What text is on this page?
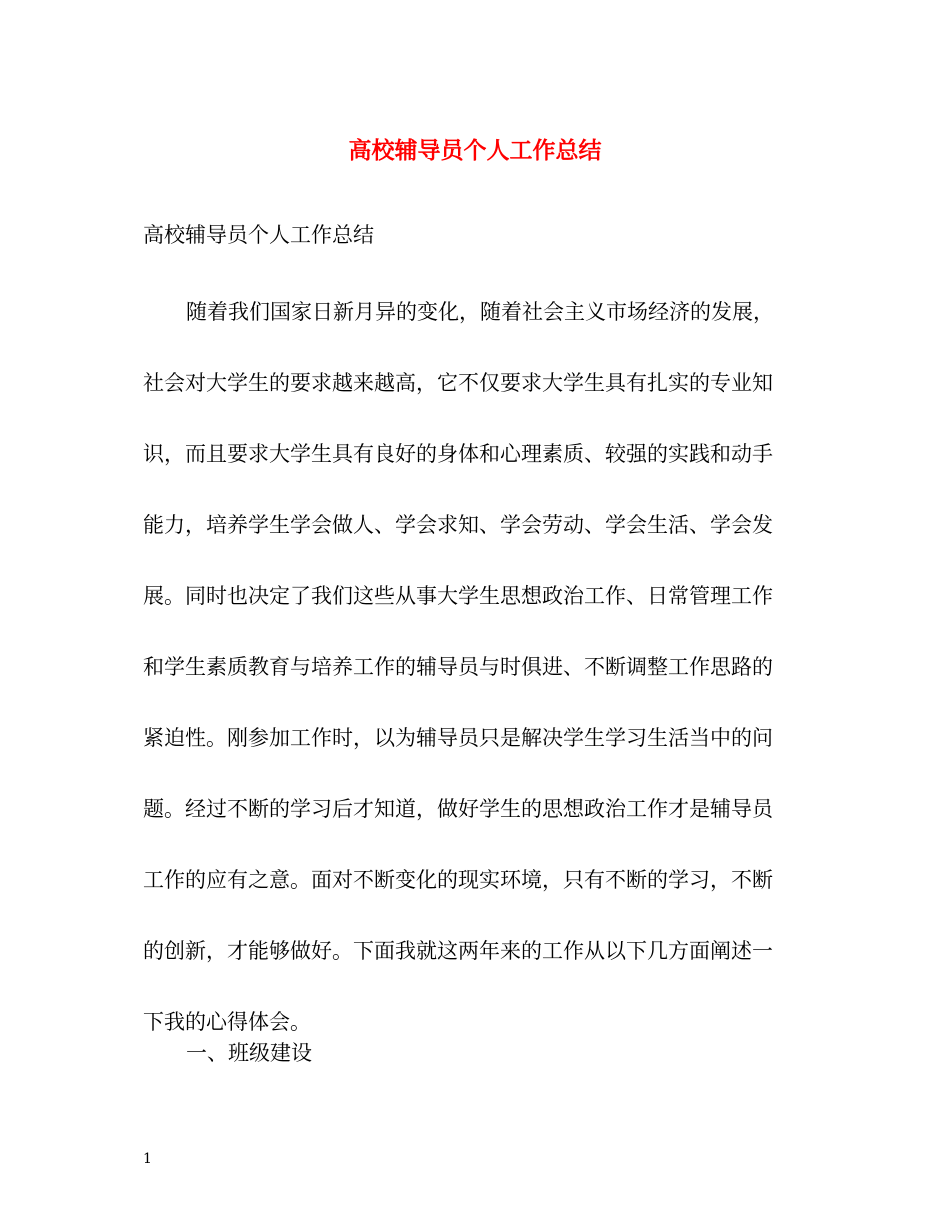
高校辅导员个人工作总结

高校辅导员个人工作总结

随着我们国家日新月异的变化，随着社会主义市场经济的发展，
社会对大学生的要求越来越高，它不仅要求大学生具有扎实的专业知
识，而且要求大学生具有良好的身体和心理素质、较强的实践和动手
能力，培养学生学会做人、学会求知、学会劳动、学会生活、学会发
展。同时也决定了我们这些从事大学生思想政治工作、日常管理工作
和学生素质教育与培养工作的辅导员与时俱进、不断调整工作思路的
紧迫性。刚参加工作时，以为辅导员只是解决学生学习生活当中的问
题。经过不断的学习后才知道，做好学生的思想政治工作才是辅导员
工作的应有之意。面对不断变化的现实环境，只有不断的学习，不断
的创新，才能够做好。下面我就这两年来的工作从以下几方面阐述一
下我的心得体会。

一、班级建设

1
